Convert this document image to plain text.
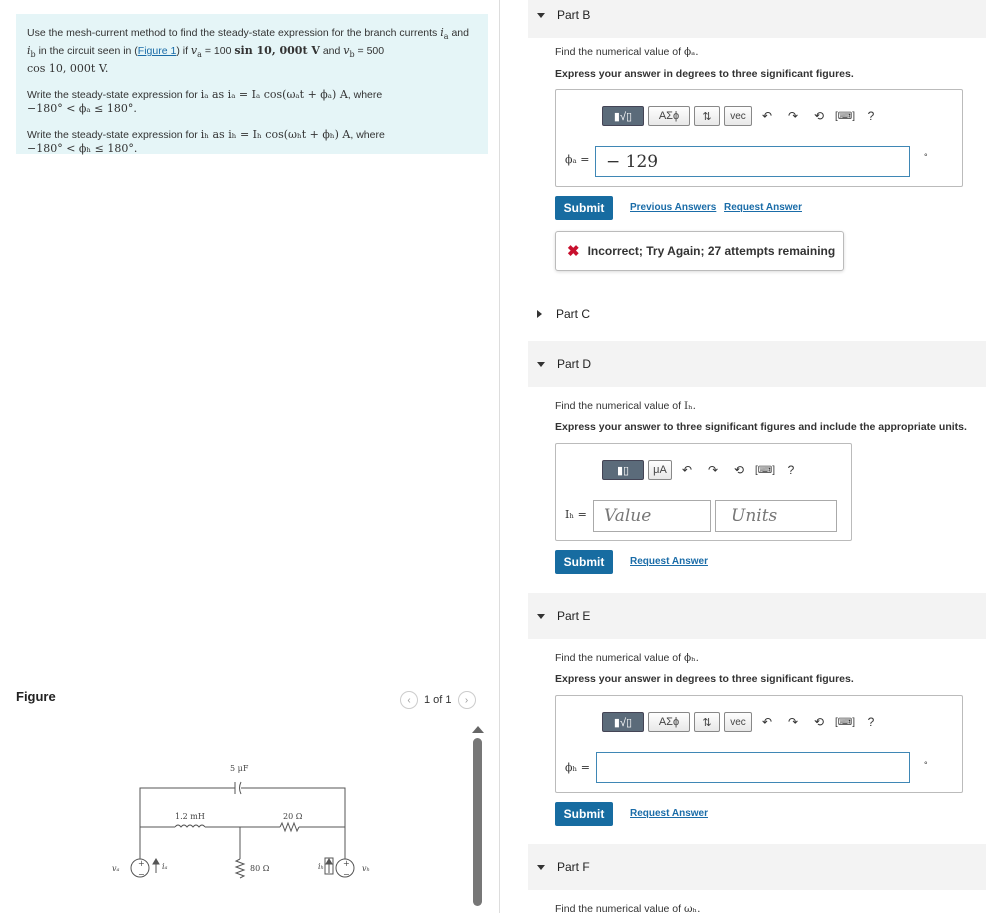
Use the mesh-current method to find the steady-state expression for the branch currents $i_a$ and $i_b$ in the circuit seen in (Figure 1) if $v_a = 100$ sin 10, 000t V and $v_b = 500$
cos 10, 000t V.

Write the steady-state expression for iₐ as iₐ = Iₐ cos(ωₐt + ϕₐ) A, where
−180° < ϕₐ ≤ 180°.

Write the steady-state expression for iₕ as iₕ = Iₕ cos(ωₕt + ϕₕ) A, where
−180° < ϕₕ ≤ 180°.

Figure	‹	1 of 1	›
+
−
+
−
5 μF
1.2 mH	20 Ω
80 Ω
vₐ	vₕ
iₐ	iₕ
Part B
Find the numerical value of ϕₐ.
Express your answer in degrees to three significant figures.
▮√▯	ΑΣϕ	⇅	vec	↶	↷	⟲	[⌨]	?
ϕₐ = − 129	°
Submit	Previous Answers Request Answer
✖ Incorrect; Try Again; 27 attempts remaining
Part C
Part D
Find the numerical value of Iₕ.
Express your answer to three significant figures and include the appropriate units.
▮▯	μA	↶	↷	⟲	[⌨]	?
Iₕ =	Value	Units
Submit	Request Answer
Part E
Find the numerical value of ϕₕ.
Express your answer in degrees to three significant figures.
▮√▯	ΑΣϕ	⇅	vec	↶	↷	⟲	[⌨]	?
ϕₕ =	°
Submit	Request Answer
Part F
Find the numerical value of ωₕ.
